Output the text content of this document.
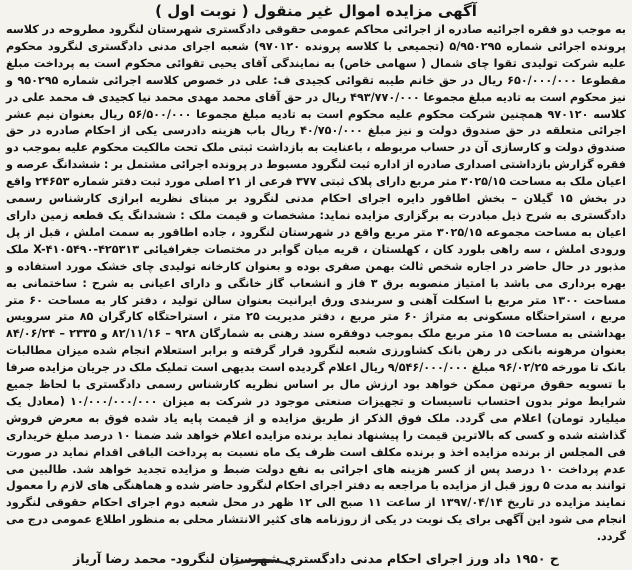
آگهی مزایده اموال غیر منقول ( نوبت اول )

به موجب دو فقره اجرائیه صادره از اجرائی محاکم عمومی حقوقی دادگستری شهرستان لنگرود مطروحه در کلاسه پرونده اجرائی شماره ۵/۹۵۰۲۹۵ (تجمیعی با کلاسه پرونده ۹۷۰۱۲۰) شعبه اجرای مدنی دادگستری لنگرود محکوم علیه شرکت تولیدی تقوا چای شمال ( سهامی خاص) به نمایندگی آقای یحیی تقوائی محکوم است به پرداخت مبلغ مقطوعا ۶۵۰/۰۰۰/۰۰۰ ریال در حق خانم طیبه تقوائی کجیدی ف: علی در خصوص کلاسه اجرائی شماره ۹۵۰۲۹۵ و نیز محکوم است به تادیه مبلغ مجموعا ۴۹۳/۷۷۰/۰۰۰ ریال در حق آقای محمد مهدی محمد نیا کجیدی ف محمد علی در کلاسه ۹۷۰۱۲۰ همچنین شرکت محکوم علیه محکوم است به تادیه مبلغ مجموعا ۵۶/۵۰۰/۰۰۰ ریال بعنوان نیم عشر اجرائی متعلقه در حق صندوق دولت و نیز مبلغ ۴۰/۷۵۰/۰۰۰ ریال باب هزینه دادرسی یکی از احکام صادره در حق صندوق دولت و کارسازی آن در حساب مربوطه ، باعنایت به بازداشت ثبتی ملک تحت مالکیت محکوم علیه بموجب دو فقره گزارش بازداشتی اصداری صادره از اداره ثبت لنگرود مسبوط در پرونده اجرائی مشتمل بر : ششدانگ عرصه و اعیان ملک به مساحت ۳۰۲۵/۱۵ متر مربع دارای پلاک ثبتی ۳۷۷ فرعی از ۲۱ اصلی مورد ثبت دفتر شماره ۲۴۶۵۳ واقع در بخش ۱۵ گیلان – بخش اطاقور دایره اجرای احکام مدنی لنگرود بر مبنای نظریه ابرازی کارشناس رسمی دادگستری به شرح ذیل مبادرت به برگزاری مزایده نماید: مشخصات و قیمت ملک : ششدانگ یک قطعه زمین دارای اعیان به مساحت مجموعه ۳۰۲۵/۱۵ متر مربع واقع در شهرستان لنگرود ، جاده اطاقور به سمت املش ، قبل از پل ورودی املش ، سه راهی بلورد کان ، کهلستان ، قریه میان گوابر در مختصات جغرافیائی X-۴۱۰۵۴۹۰-۴۲۵۳۱۳ ملک مذبور در حال حاضر در اجاره شخص ثالث بهمن صفری بوده و بعنوان کارخانه تولیدی چای خشک مورد استفاده و بهره برداری می باشد با امتیاز منصوبه برق ۳ فاز و انشعاب گاز خانگی و دارای اعیانی به شرح : ساختمانی به مساحت ۱۳۰۰ متر مربع با اسکلت آهنی و سربندی ورق ایرانیت بعنوان سالن تولید ، دفتر کار به مساحت ۶۰ متر مربع ، استراحتگاه مسکونی به متراژ ۶۰ متر مربع ، دفتر مدیریت ۲۵ متر ، استراحتگاه کارگران ۸۵ متر سرویس بهداشتی به مساحت ۱۵ متر مربع ملک بموجب دوفقره سند رهنی به شمارگان ۹۲۸ – ۸۲/۱۱/۱۶ و ۲۳۳۵ – ۸۴/۰۶/۲۴ بعنوان مرهونه بانکی در رهن بانک کشاورزی شعبه لنگرود قرار گرفته و برابر استعلام انجام شده میزان مطالبات بانک تا مورخه ۹۶/۰۲/۲۵ مبلغ ۹/۵۴۶/۰۰۰/۰۰۰ ریال اعلام گردیده است بدیهی است تملیک ملک در جریان مزایده صرفا با تسویه حقوق مرتهن ممکن خواهد بود ارزش مال بر اساس نظریه کارشناس رسمی دادگستری با لحاظ جمیع شرایط موثر بدون احتساب تاسیسات و تجهیزات صنعتی موجود در شرکت به میزان ۱۰/۰۰۰/۰۰۰/۰۰۰ (معادل یک میلیارد تومان) اعلام می گردد. ملک فوق الذکر از طریق مزایده و از قیمت پایه یاد شده فوق به معرض فروش گذاشته شده و کسی که بالاترین قیمت را پیشنهاد نماید برنده مزایده اعلام خواهد شد ضمنا ۱۰ درصد مبلغ خریداری فی المجلس از برنده مزایده اخذ و برنده مکلف است ظرف یک ماه نسبت به پرداخت الباقی اقدام نماید در صورت عدم پرداخت ۱۰ درصد پس از کسر هزینه های اجرائی به نفع دولت ضبط و مزایده تجدید خواهد شد. طالبین می توانند به مدت ۵ روز قبل از مزایده با مراجعه به دفتر اجرای احکام لنگرود حاضر شده و هماهنگی های لازم را معمول نمایند مزایده در تاریخ ۱۳۹۷/۰۴/۱۴ از ساعت ۱۱ صبح الی ۱۲ ظهر در محل شعبه دوم اجرای احکام حقوقی لنگرود انجام می شود این آگهی برای یک نوبت در یکی از روزنامه های کثیر الانتشار محلی به منظور اطلاع عمومی درج می گردد.

ح ۱۹۵۰ داد ورز اجرای احکام مدنی دادگستری شهرستان لنگرود- محمد رضا آریاز
